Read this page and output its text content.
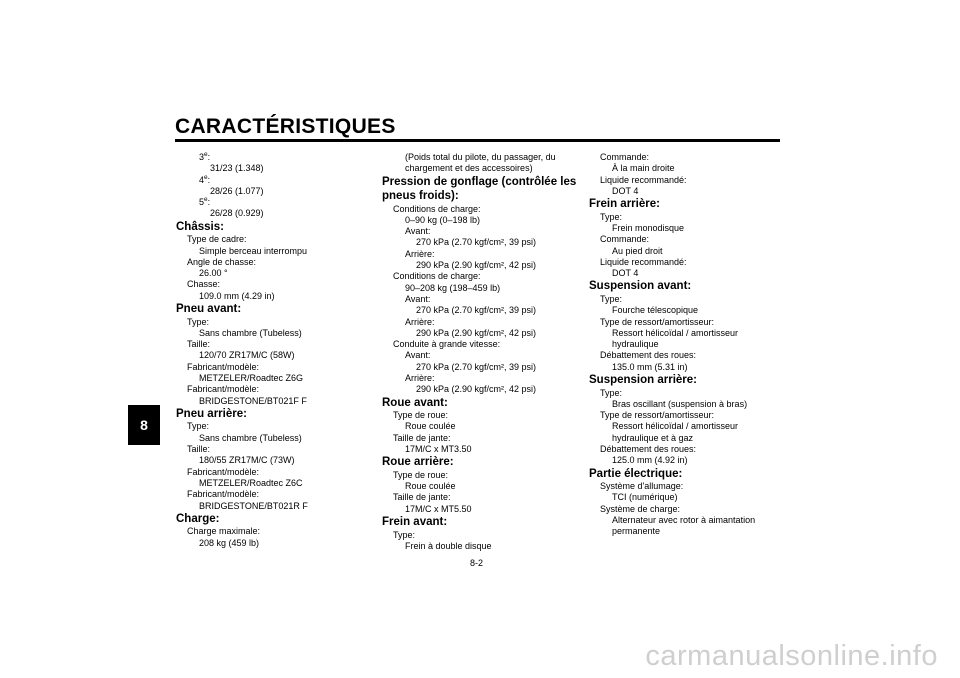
CARACTÉRISTIQUES
8
3e:
31/23 (1.348)
4e:
28/26 (1.077)
5e:
26/28 (0.929)
Châssis:
Type de cadre:
Simple berceau interrompu
Angle de chasse:
26.00 °
Chasse:
109.0 mm (4.29 in)
Pneu avant:
Type:
Sans chambre (Tubeless)
Taille:
120/70 ZR17M/C (58W)
Fabricant/modèle:
METZELER/Roadtec Z6G
Fabricant/modèle:
BRIDGESTONE/BT021F F
Pneu arrière:
Type:
Sans chambre (Tubeless)
Taille:
180/55 ZR17M/C (73W)
Fabricant/modèle:
METZELER/Roadtec Z6C
Fabricant/modèle:
BRIDGESTONE/BT021R F
Charge:
Charge maximale:
208 kg (459 lb)
(Poids total du pilote, du passager, du
chargement et des accessoires)
Pression de gonflage (contrôlée les
pneus froids):
Conditions de charge:
0–90 kg (0–198 lb)
Avant:
270 kPa (2.70 kgf/cm², 39 psi)
Arrière:
290 kPa (2.90 kgf/cm², 42 psi)
Conditions de charge:
90–208 kg (198–459 lb)
Avant:
270 kPa (2.70 kgf/cm², 39 psi)
Arrière:
290 kPa (2.90 kgf/cm², 42 psi)
Conduite à grande vitesse:
Avant:
270 kPa (2.70 kgf/cm², 39 psi)
Arrière:
290 kPa (2.90 kgf/cm², 42 psi)
Roue avant:
Type de roue:
Roue coulée
Taille de jante:
17M/C x MT3.50
Roue arrière:
Type de roue:
Roue coulée
Taille de jante:
17M/C x MT5.50
Frein avant:
Type:
Frein à double disque
Commande:
À la main droite
Liquide recommandé:
DOT 4
Frein arrière:
Type:
Frein monodisque
Commande:
Au pied droit
Liquide recommandé:
DOT 4
Suspension avant:
Type:
Fourche télescopique
Type de ressort/amortisseur:
Ressort hélicoïdal / amortisseur
hydraulique
Débattement des roues:
135.0 mm (5.31 in)
Suspension arrière:
Type:
Bras oscillant (suspension à bras)
Type de ressort/amortisseur:
Ressort hélicoïdal / amortisseur
hydraulique et à gaz
Débattement des roues:
125.0 mm (4.92 in)
Partie électrique:
Système d'allumage:
TCI (numérique)
Système de charge:
Alternateur avec rotor à aimantation
permanente
8-2
carmanualsonline.info
